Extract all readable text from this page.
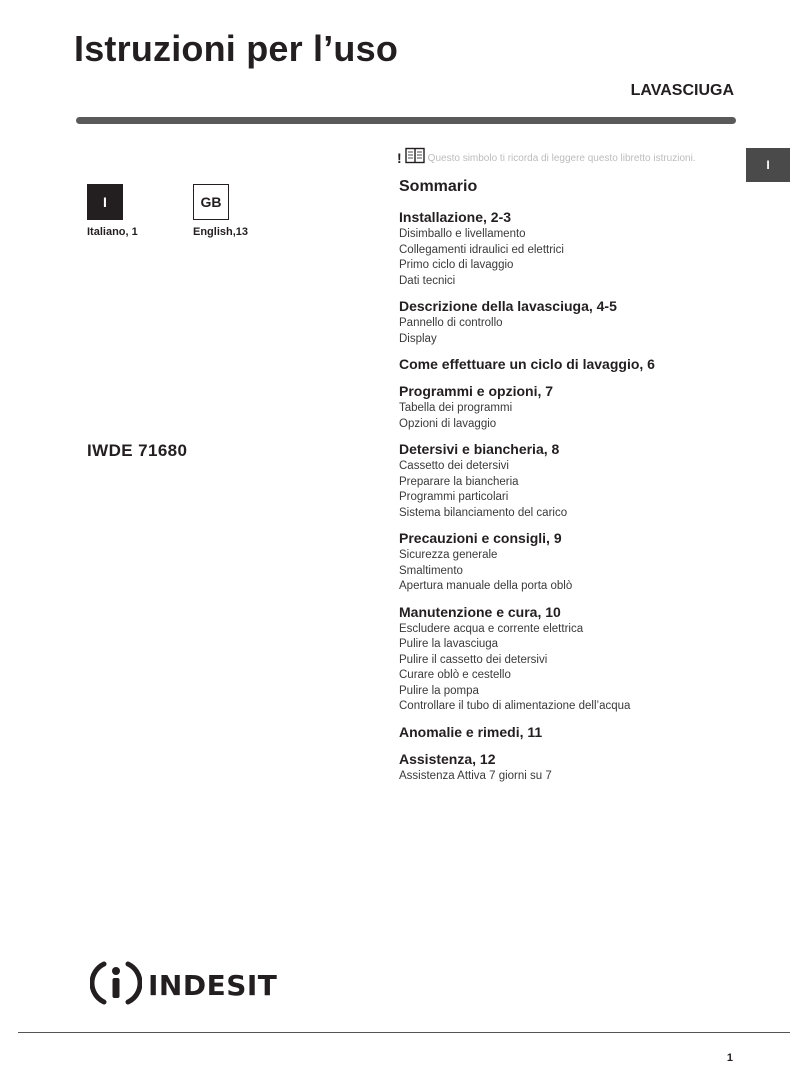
Istruzioni per l’uso
LAVASCIUGA
I
I
Italiano, 1
GB
English,13
IWDE 71680
!	Questo simbolo ti ricorda di leggere questo libretto istruzioni.
Sommario
Installazione, 2-3
Disimballo e livellamento
Collegamenti idraulici ed elettrici
Primo ciclo di lavaggio
Dati tecnici
Descrizione della lavasciuga, 4-5
Pannello di controllo
Display
Come effettuare un ciclo di lavaggio, 6
Programmi e opzioni, 7
Tabella dei programmi
Opzioni di lavaggio
Detersivi e biancheria, 8
Cassetto dei detersivi
Preparare la biancheria
Programmi particolari
Sistema bilanciamento del carico
Precauzioni e consigli, 9
Sicurezza generale
Smaltimento
Apertura manuale della porta oblò
Manutenzione e cura, 10
Escludere acqua e corrente elettrica
Pulire la lavasciuga
Pulire il cassetto dei detersivi
Curare oblò e cestello
Pulire la pompa
Controllare il tubo di alimentazione dell’acqua
Anomalie e rimedi, 11
Assistenza, 12
Assistenza Attiva 7 giorni su 7
INDESIT
1
